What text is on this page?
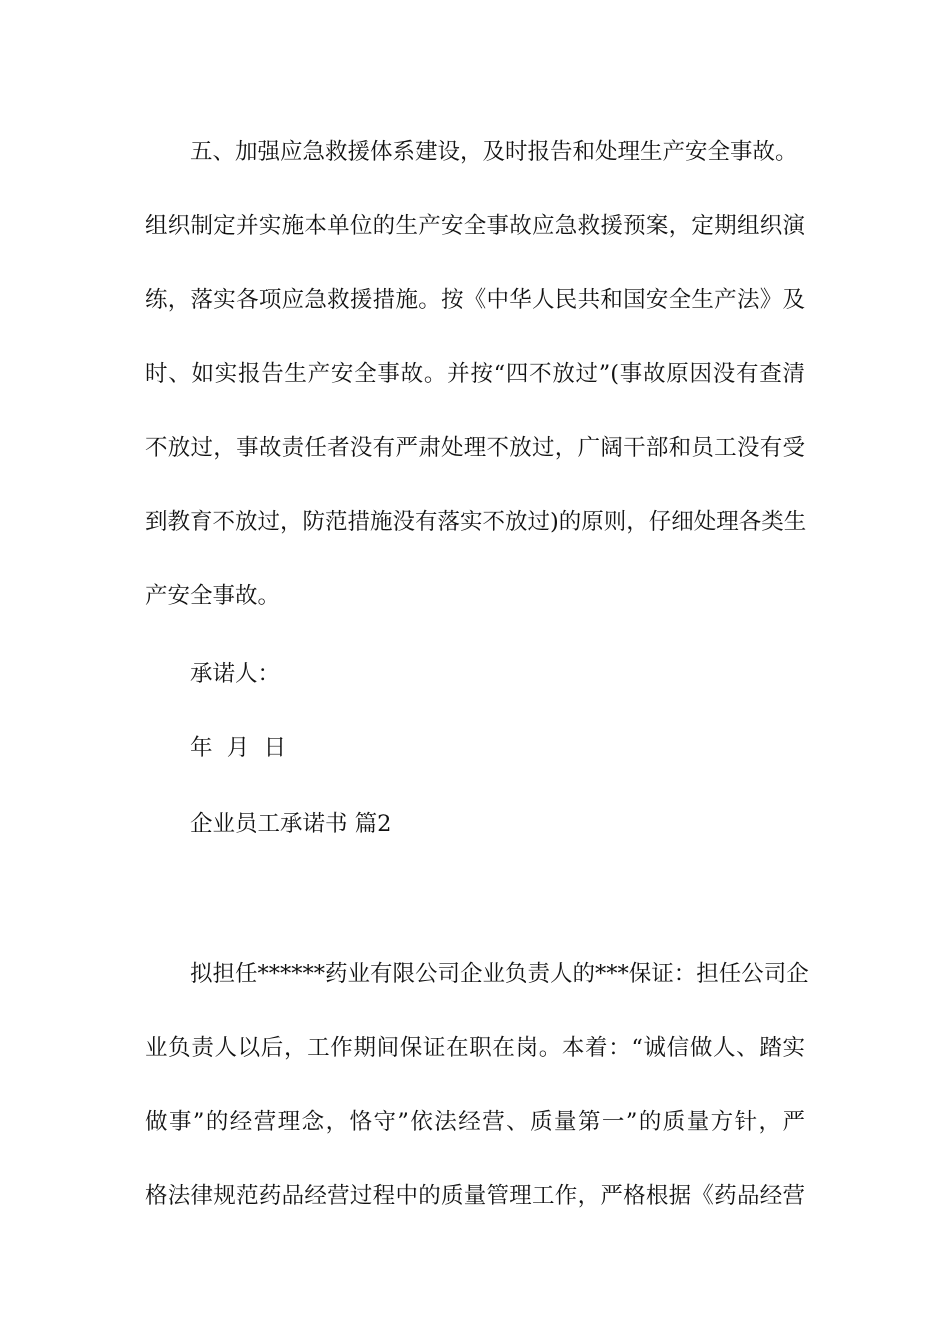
五、加强应急救援体系建设，及时报告和处理生产安全事故。
组织制定并实施本单位的生产安全事故应急救援预案，定期组织演
练，落实各项应急救援措施。按《中华人民共和国安全生产法》及
时、如实报告生产安全事故。并按“四不放过”(事故原因没有查清
不放过，事故责任者没有严肃处理不放过，广阔干部和员工没有受
到教育不放过，防范措施没有落实不放过)的原则，仔细处理各类生
产安全事故。
承诺人：
年  月  日
企业员工承诺书 篇2
拟担任******药业有限公司企业负责人的***保证：担任公司企
业负责人以后，工作期间保证在职在岗。本着：“诚信做人、踏实
做事”的经营理念，恪守”依法经营、质量第一”的质量方针，严
格法律规范药品经营过程中的质量管理工作，严格根据《药品经营
